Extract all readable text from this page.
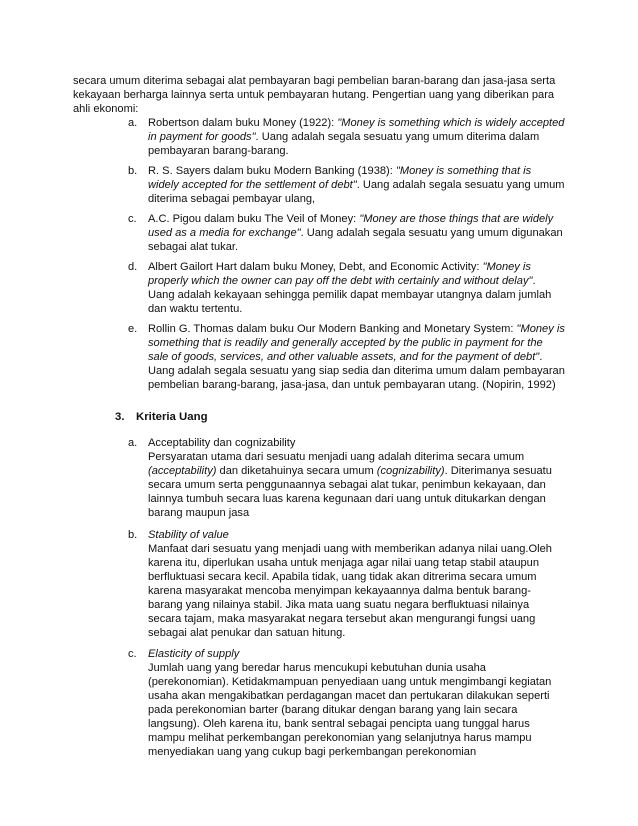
secara umum diterima sebagai alat pembayaran bagi pembelian baran-barang dan jasa-jasa serta kekayaan berharga lainnya serta untuk pembayaran hutang. Pengertian uang yang diberikan para ahli ekonomi:

a. Robertson dalam buku Money (1922): "Money is something which is widely accepted in payment for goods". Uang adalah segala sesuatu yang umum diterima dalam pembayaran barang-barang.
b. R. S. Sayers dalam buku Modern Banking (1938): "Money is something that is widely accepted for the settlement of debt". Uang adalah segala sesuatu yang umum diterima sebagai pembayar ulang,
c. A.C. Pigou dalam buku The Veil of Money: "Money are those things that are widely used as a media for exchange". Uang adalah segala sesuatu yang umum digunakan sebagai alat tukar.
d. Albert Gailort Hart dalam buku Money, Debt, and Economic Activity: "Money is properly which the owner can pay off the debt with certainly and without delay". Uang adalah kekayaan sehingga pemilik dapat membayar utangnya dalam jumlah dan waktu tertentu.
e. Rollin G. Thomas dalam buku Our Modern Banking and Monetary System: "Money is something that is readily and generally accepted by the public in payment for the sale of goods, services, and other valuable assets, and for the payment of debt". Uang adalah segala sesuatu yang siap sedia dan diterima umum dalam pembayaran pembelian barang-barang, jasa-jasa, dan untuk pembayaran utang. (Nopirin, 1992)
3. Kriteria Uang
a. Acceptability dan cognizability
Persyaratan utama dari sesuatu menjadi uang adalah diterima secara umum (acceptability) dan diketahuinya secara umum (cognizability). Diterimanya sesuatu secara umum serta penggunaannya sebagai alat tukar, penimbun kekayaan, dan lainnya tumbuh secara luas karena kegunaan dari uang untuk ditukarkan dengan barang maupun jasa
b. Stability of value
Manfaat dari sesuatu yang menjadi uang with memberikan adanya nilai uang.Oleh karena itu, diperlukan usaha untuk menjaga agar nilai uang tetap stabil ataupun berfluktuasi secara kecil. Apabila tidak, uang tidak akan ditrerima secara umum karena masyarakat mencoba menyimpan kekayaannya dalma bentuk barang-barang yang nilainya stabil. Jika mata uang suatu negara berfluktuasi nilainya secara tajam, maka masyarakat negara tersebut akan mengurangi fungsi uang sebagai alat penukar dan satuan hitung.
c. Elasticity of supply
Jumlah uang yang beredar harus mencukupi kebutuhan dunia usaha (perekonomian). Ketidakmampuan penyediaan uang untuk mengimbangi kegiatan usaha akan mengakibatkan perdagangan macet dan pertukaran dilakukan seperti pada perekonomian barter (barang ditukar dengan barang yang lain secara langsung). Oleh karena itu, bank sentral sebagai pencipta uang tunggal harus mampu melihat perkembangan perekonomian yang selanjutnya harus mampu menyediakan uang yang cukup bagi perkembangan perekonomian
